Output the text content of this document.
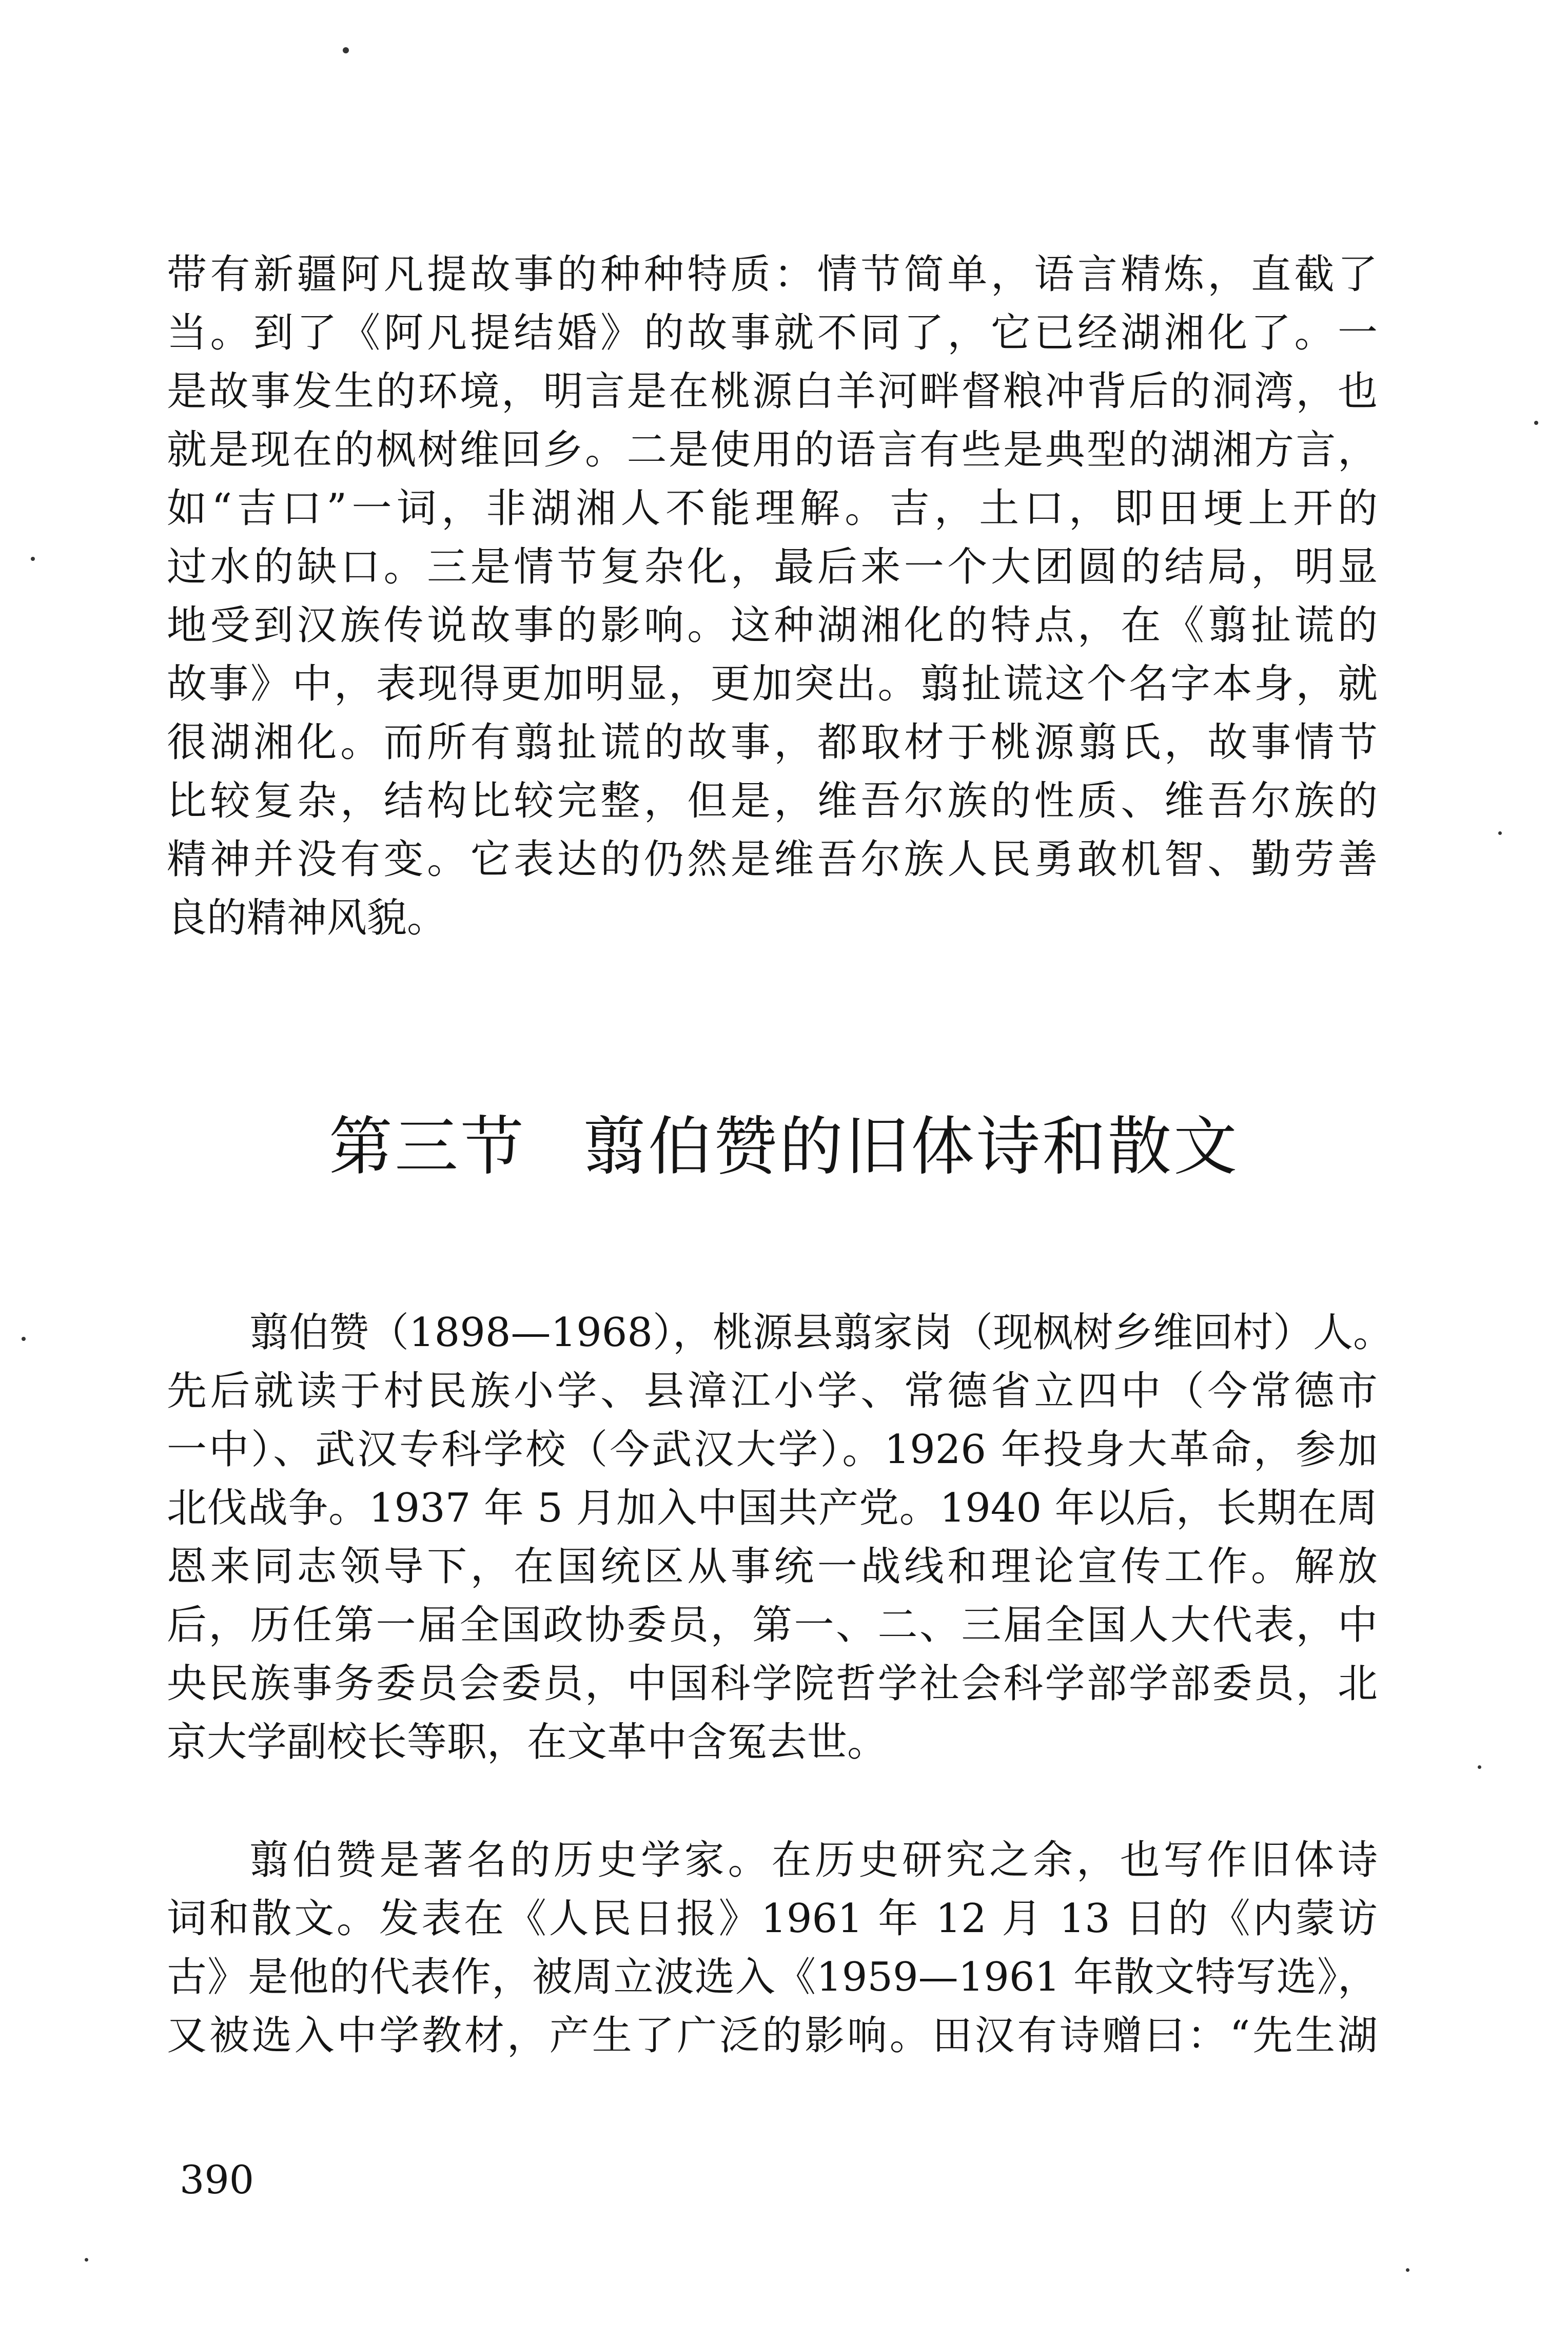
带有新疆阿凡提故事的种种特质：情节简单，语言精炼，直截了
当。到了《阿凡提结婚》的故事就不同了，它已经湖湘化了。一
是故事发生的环境，明言是在桃源白羊河畔督粮冲背后的洞湾，也
就是现在的枫树维回乡。二是使用的语言有些是典型的湖湘方言，
如“吉口”一词，非湖湘人不能理解。吉，土口，即田埂上开的
过水的缺口。三是情节复杂化，最后来一个大团圆的结局，明显
地受到汉族传说故事的影响。这种湖湘化的特点，在《翦扯谎的
故事》中，表现得更加明显，更加突出。翦扯谎这个名字本身，就
很湖湘化。而所有翦扯谎的故事，都取材于桃源翦氏，故事情节
比较复杂，结构比较完整，但是，维吾尔族的性质、维吾尔族的
精神并没有变。它表达的仍然是维吾尔族人民勇敢机智、勤劳善
良的精神风貌。
第三节 翦伯赞的旧体诗和散文
翦伯赞（1898—1968），桃源县翦家岗（现枫树乡维回村）人。
先后就读于村民族小学、县漳江小学、常德省立四中（今常德市
一中）、武汉专科学校（今武汉大学）。1926 年投身大革命，参加
北伐战争。1937 年 5 月加入中国共产党。1940 年以后，长期在周
恩来同志领导下，在国统区从事统一战线和理论宣传工作。解放
后，历任第一届全国政协委员，第一、二、三届全国人大代表，中
央民族事务委员会委员，中国科学院哲学社会科学部学部委员，北
京大学副校长等职，在文革中含冤去世。
翦伯赞是著名的历史学家。在历史研究之余，也写作旧体诗
词和散文。发表在《人民日报》1961 年 12 月 13 日的《内蒙访
古》是他的代表作，被周立波选入《1959—1961 年散文特写选》，
又被选入中学教材，产生了广泛的影响。田汉有诗赠曰：“先生湖
390
